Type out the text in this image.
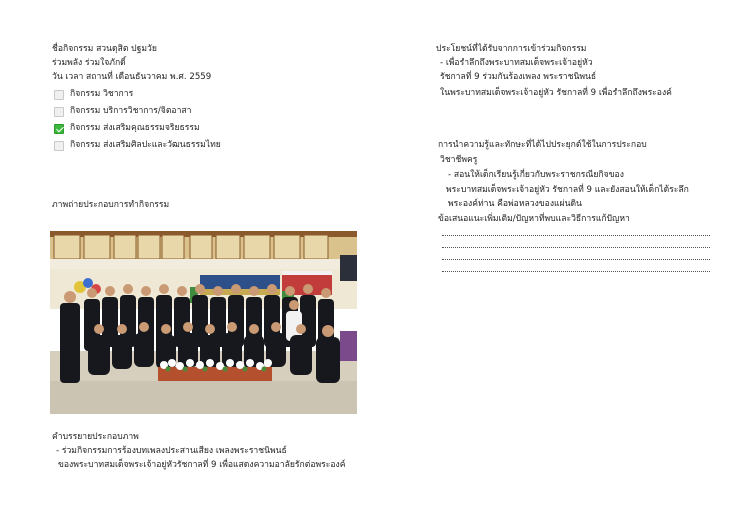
ชื่อกิจกรรม สวนดุสิต ปฐมวัย
ร่วมพลัง ร่วมใจภักดิ์
วัน เวลา สถานที่ เดือนธันวาคม พ.ศ. 2559
กิจกรรม วิชาการ
กิจกรรม บริการวิชาการ/จิตอาสา
กิจกรรม ส่งเสริมคุณธรรมจริยธรรม
กิจกรรม ส่งเสริมศิลปะและวัฒนธรรมไทย
ภาพถ่ายประกอบการทำกิจกรรม
คำบรรยายประกอบภาพ
- ร่วมกิจกรรมการร้องบทเพลงประสานเสียง เพลงพระราชนิพนธ์
ของพระบาทสมเด็จพระเจ้าอยู่หัวรัชกาลที่ 9 เพื่อแสดงความอาลัยรักต่อพระองค์
ประโยชน์ที่ได้รับจากการเข้าร่วมกิจกรรม
- เพื่อรำลึกถึงพระบาทสมเด็จพระเจ้าอยู่หัว
รัชกาลที่ 9 ร่วมกันร้องเพลง พระราชนิพนธ์
ในพระบาทสมเด็จพระเจ้าอยู่หัว รัชกาลที่ 9 เพื่อรำลึกถึงพระองค์
การนำความรู้และทักษะที่ได้ไปประยุกต์ใช้ในการประกอบ
วิชาชีพครู
- สอนให้เด็กเรียนรู้เกี่ยวกับพระราชกรณียกิจของ
พระบาทสมเด็จพระเจ้าอยู่หัว รัชกาลที่ 9 และยังสอนให้เด็กได้ระลึก
พระองค์ท่าน คือพ่อหลวงของแผ่นดิน
ข้อเสนอแนะเพิ่มเติม/ปัญหาที่พบและวิธีการแก้ปัญหา
